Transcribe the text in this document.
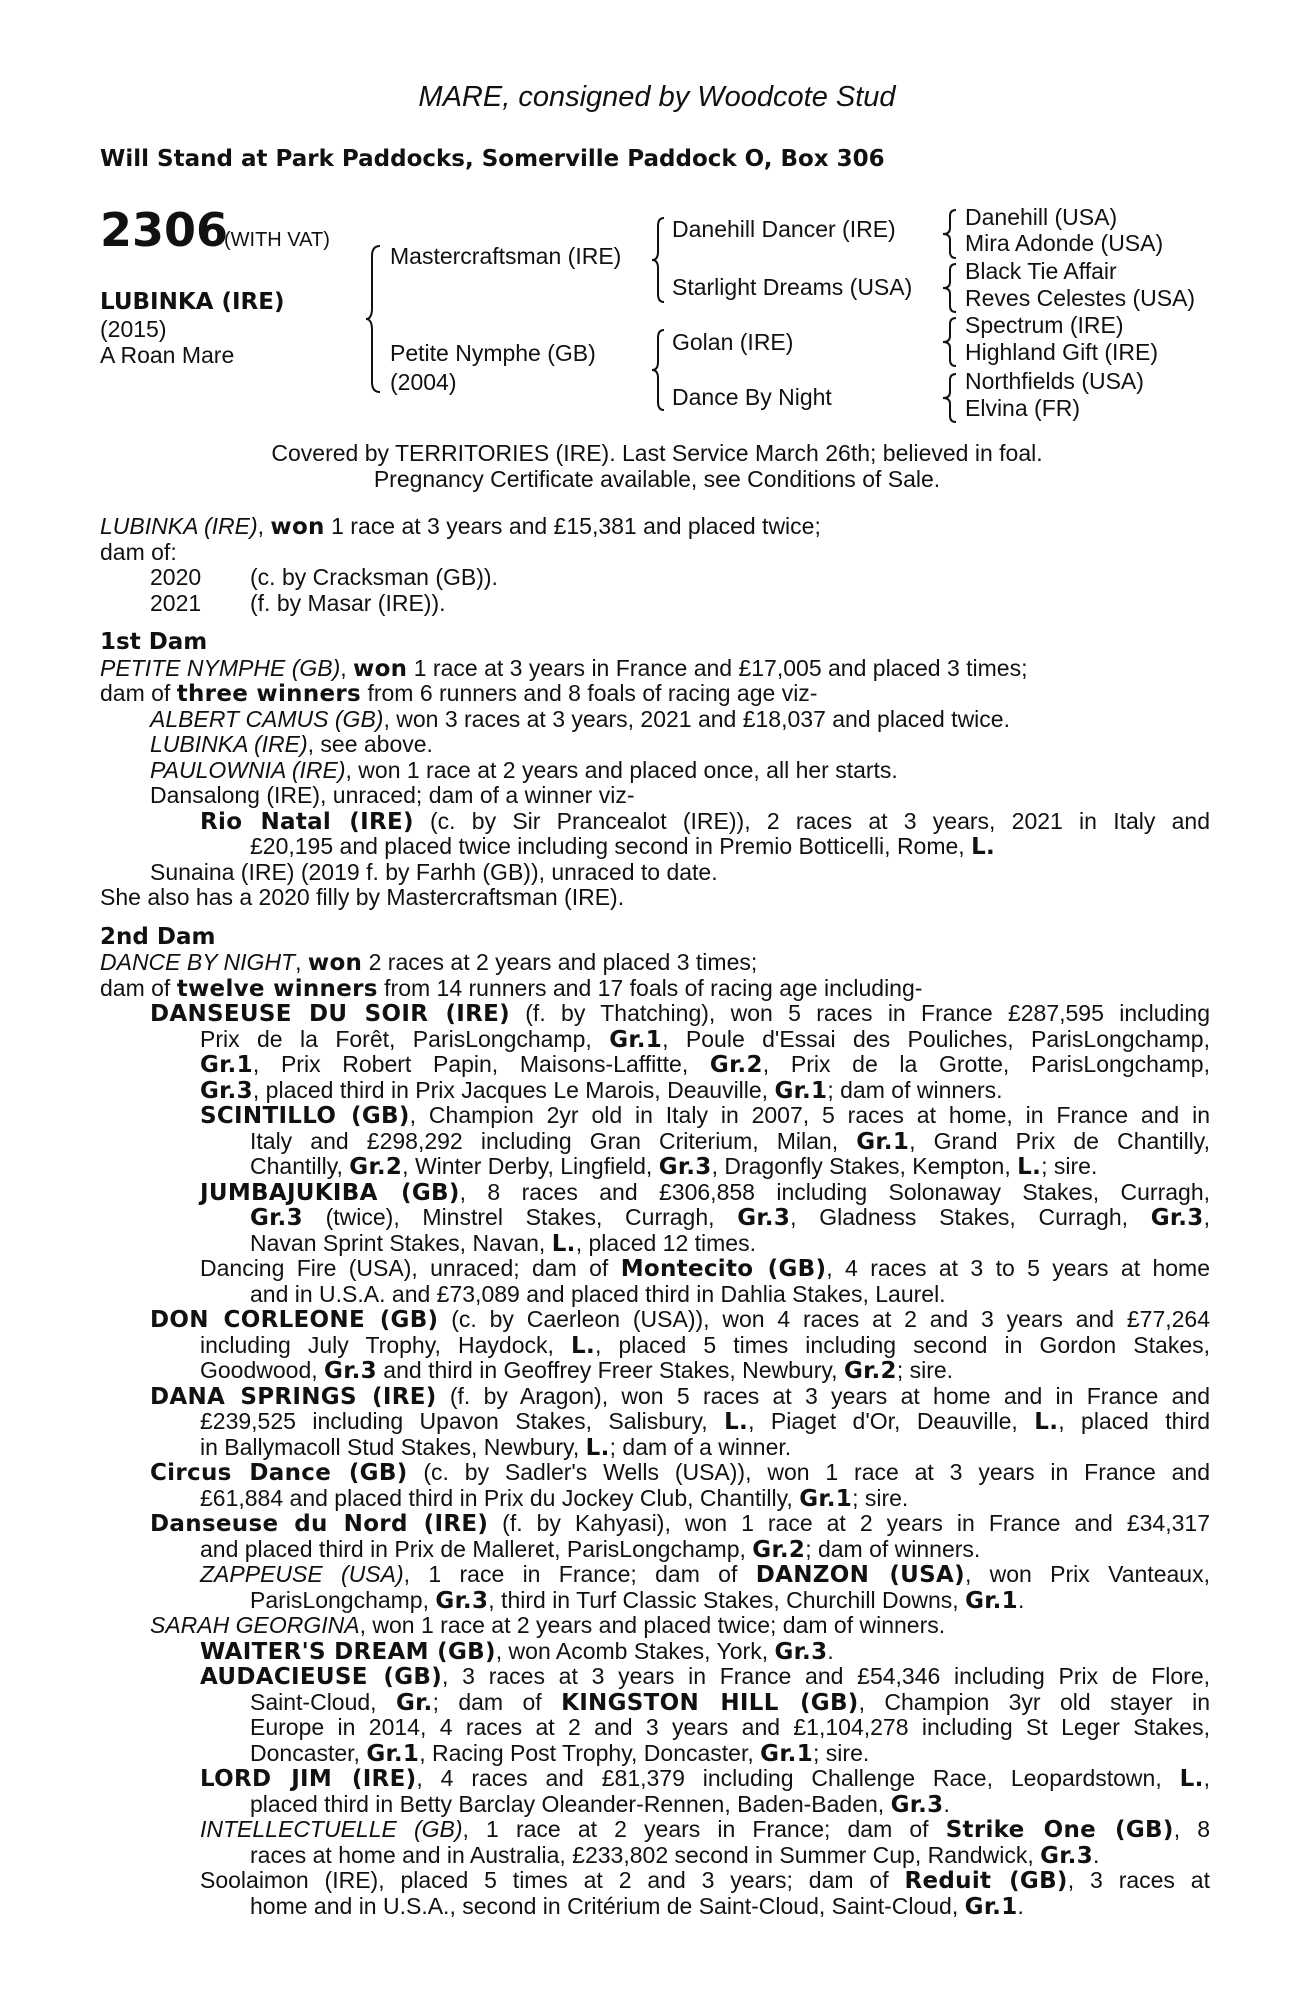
MARE, consigned by Woodcote Stud
Will Stand at Park Paddocks, Somerville Paddock O, Box 306
2306
(WITH VAT)
LUBINKA (IRE)
(2015)
A Roan Mare
Mastercraftsman (IRE)
Petite Nymphe (GB)
(2004)
Danehill Dancer (IRE)
Starlight Dreams (USA)
Golan (IRE)
Dance By Night
Danehill (USA)
Mira Adonde (USA)
Black Tie Affair
Reves Celestes (USA)
Spectrum (IRE)
Highland Gift (IRE)
Northfields (USA)
Elvina (FR)
Covered by TERRITORIES (IRE). Last Service March 26th; believed in foal.
Pregnancy Certificate available, see Conditions of Sale.
LUBINKA (IRE), won 1 race at 3 years and £15,381 and placed twice;
dam of:
2020 (c. by Cracksman (GB)).
2021 (f. by Masar (IRE)).
1st Dam
PETITE NYMPHE (GB), won 1 race at 3 years in France and £17,005 and placed 3 times;
dam of three winners from 6 runners and 8 foals of racing age viz-
ALBERT CAMUS (GB), won 3 races at 3 years, 2021 and £18,037 and placed twice.
LUBINKA (IRE), see above.
PAULOWNIA (IRE), won 1 race at 2 years and placed once, all her starts.
Dansalong (IRE), unraced; dam of a winner viz-
Rio Natal (IRE) (c. by Sir Prancealot (IRE)), 2 races at 3 years, 2021 in Italy and
£20,195 and placed twice including second in Premio Botticelli, Rome, L.
Sunaina (IRE) (2019 f. by Farhh (GB)), unraced to date.
She also has a 2020 filly by Mastercraftsman (IRE).
2nd Dam
DANCE BY NIGHT, won 2 races at 2 years and placed 3 times;
dam of twelve winners from 14 runners and 17 foals of racing age including-
DANSEUSE DU SOIR (IRE) (f. by Thatching), won 5 races in France £287,595 including
Prix de la Forêt, ParisLongchamp, Gr.1, Poule d'Essai des Pouliches, ParisLongchamp,
Gr.1, Prix Robert Papin, Maisons-Laffitte, Gr.2, Prix de la Grotte, ParisLongchamp,
Gr.3, placed third in Prix Jacques Le Marois, Deauville, Gr.1; dam of winners.
SCINTILLO (GB), Champion 2yr old in Italy in 2007, 5 races at home, in France and in
Italy and £298,292 including Gran Criterium, Milan, Gr.1, Grand Prix de Chantilly,
Chantilly, Gr.2, Winter Derby, Lingfield, Gr.3, Dragonfly Stakes, Kempton, L.; sire.
JUMBAJUKIBA (GB), 8 races and £306,858 including Solonaway Stakes, Curragh,
Gr.3 (twice), Minstrel Stakes, Curragh, Gr.3, Gladness Stakes, Curragh, Gr.3,
Navan Sprint Stakes, Navan, L., placed 12 times.
Dancing Fire (USA), unraced; dam of Montecito (GB), 4 races at 3 to 5 years at home
and in U.S.A. and £73,089 and placed third in Dahlia Stakes, Laurel.
DON CORLEONE (GB) (c. by Caerleon (USA)), won 4 races at 2 and 3 years and £77,264
including July Trophy, Haydock, L., placed 5 times including second in Gordon Stakes,
Goodwood, Gr.3 and third in Geoffrey Freer Stakes, Newbury, Gr.2; sire.
DANA SPRINGS (IRE) (f. by Aragon), won 5 races at 3 years at home and in France and
£239,525 including Upavon Stakes, Salisbury, L., Piaget d'Or, Deauville, L., placed third
in Ballymacoll Stud Stakes, Newbury, L.; dam of a winner.
Circus Dance (GB) (c. by Sadler's Wells (USA)), won 1 race at 3 years in France and
£61,884 and placed third in Prix du Jockey Club, Chantilly, Gr.1; sire.
Danseuse du Nord (IRE) (f. by Kahyasi), won 1 race at 2 years in France and £34,317
and placed third in Prix de Malleret, ParisLongchamp, Gr.2; dam of winners.
ZAPPEUSE (USA), 1 race in France; dam of DANZON (USA), won Prix Vanteaux,
ParisLongchamp, Gr.3, third in Turf Classic Stakes, Churchill Downs, Gr.1.
SARAH GEORGINA, won 1 race at 2 years and placed twice; dam of winners.
WAITER'S DREAM (GB), won Acomb Stakes, York, Gr.3.
AUDACIEUSE (GB), 3 races at 3 years in France and £54,346 including Prix de Flore,
Saint-Cloud, Gr.; dam of KINGSTON HILL (GB), Champion 3yr old stayer in
Europe in 2014, 4 races at 2 and 3 years and £1,104,278 including St Leger Stakes,
Doncaster, Gr.1, Racing Post Trophy, Doncaster, Gr.1; sire.
LORD JIM (IRE), 4 races and £81,379 including Challenge Race, Leopardstown, L.,
placed third in Betty Barclay Oleander-Rennen, Baden-Baden, Gr.3.
INTELLECTUELLE (GB), 1 race at 2 years in France; dam of Strike One (GB), 8
races at home and in Australia, £233,802 second in Summer Cup, Randwick, Gr.3.
Soolaimon (IRE), placed 5 times at 2 and 3 years; dam of Reduit (GB), 3 races at
home and in U.S.A., second in Critérium de Saint-Cloud, Saint-Cloud, Gr.1.
